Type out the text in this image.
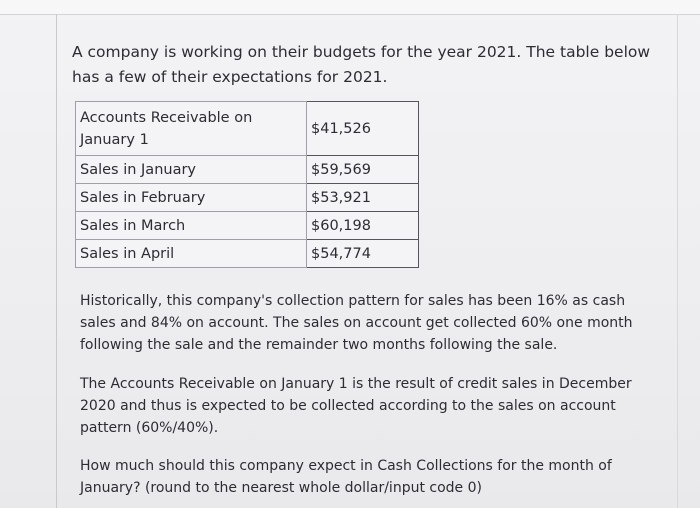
A company is working on their budgets for the year 2021. The table below has a few of their expectations for 2021.

Accounts Receivable on January 1	$41,526
Sales in January	$59,569
Sales in February	$53,921
Sales in March	$60,198
Sales in April	$54,774

Historically, this company's collection pattern for sales has been 16% as cash sales and 84% on account. The sales on account get collected 60% one month following the sale and the remainder two months following the sale.

The Accounts Receivable on January 1 is the result of credit sales in December 2020 and thus is expected to be collected according to the sales on account pattern (60%/40%).

How much should this company expect in Cash Collections for the month of January? (round to the nearest whole dollar/input code 0)
